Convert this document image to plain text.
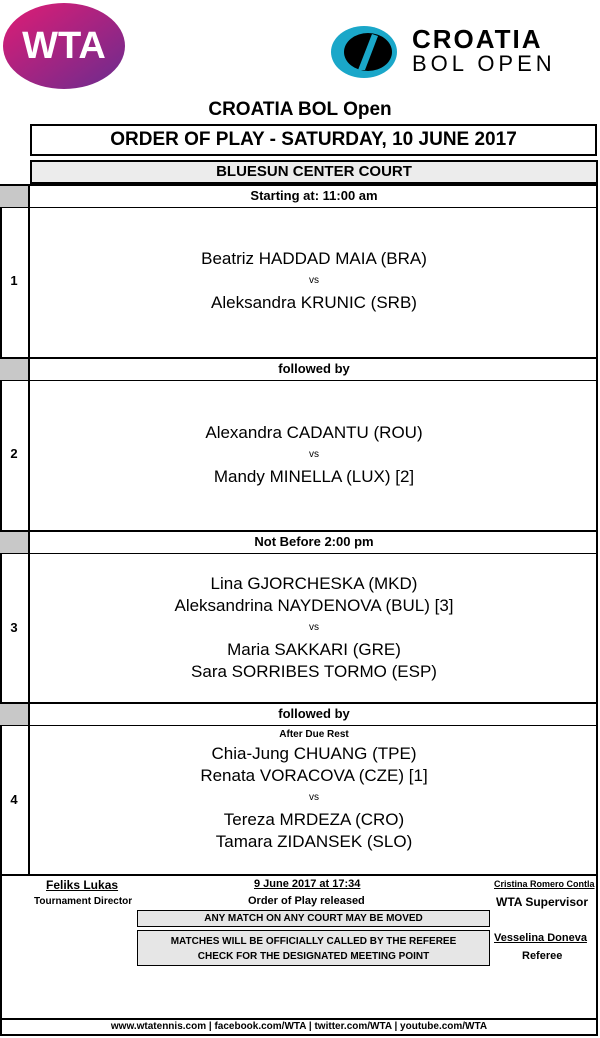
WTA	CROATIA
BOL OPEN
CROATIA BOL Open
ORDER OF PLAY - SATURDAY, 10 JUNE 2017
BLUESUN CENTER COURT
Starting at: 11:00 am
1
Beatriz HADDAD MAIA (BRA)
vs
Aleksandra KRUNIC (SRB)
followed by
2
Alexandra CADANTU (ROU)
vs
Mandy MINELLA (LUX) [2]
Not Before 2:00 pm
3
Lina GJORCHESKA (MKD)
Aleksandrina NAYDENOVA (BUL) [3]
vs
Maria SAKKARI (GRE)
Sara SORRIBES TORMO (ESP)
followed by
4
After Due Rest
Chia-Jung CHUANG (TPE)
Renata VORACOVA (CZE) [1]
vs
Tereza MRDEZA (CRO)
Tamara ZIDANSEK (SLO)
Feliks Lukas
Tournament Director
9 June 2017 at 17:34
Order of Play released
Cristina Romero Contla
WTA Supervisor
ANY MATCH ON ANY COURT MAY BE MOVED
MATCHES WILL BE OFFICIALLY CALLED BY THE REFEREE
CHECK FOR THE DESIGNATED MEETING POINT
Vesselina Doneva
Referee
www.wtatennis.com | facebook.com/WTA | twitter.com/WTA | youtube.com/WTA
